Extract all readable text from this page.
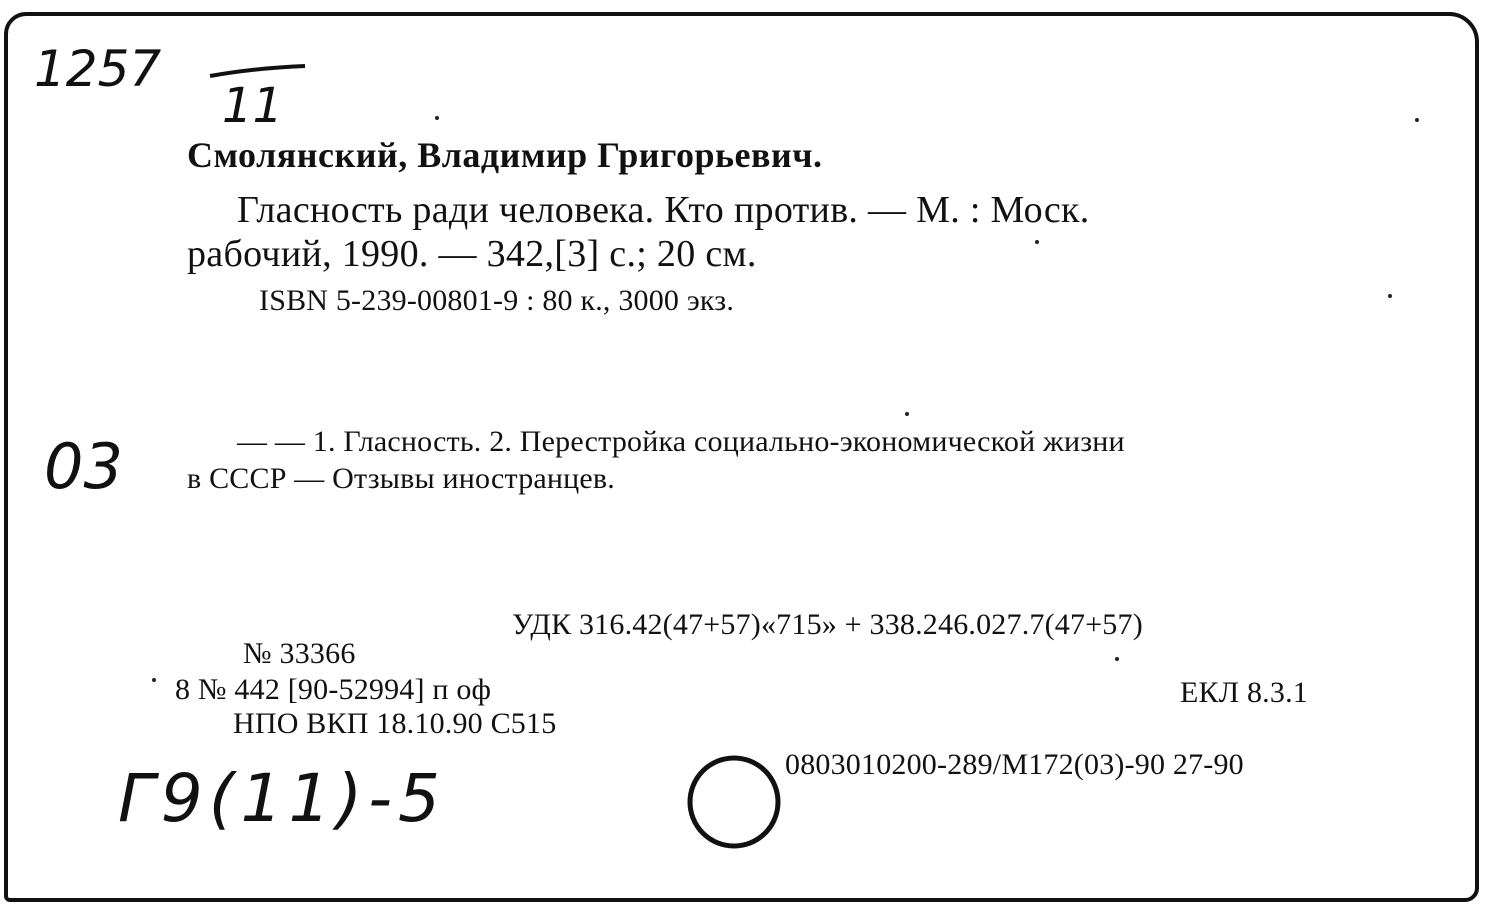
1257
11
Смолянский, Владимир Григорьевич.
Гласность ради человека. Кто против. — М. : Моск.
рабочий, 1990. — 342,[3] с.; 20 см.
ISBN 5-239-00801-9 : 80 к., 3000 экз.
03	— — 1. Гласность. 2. Перестройка социально-экономической жизни
в СССР — Отзывы иностранцев.
УДК 316.42(47+57)«715» + 338.246.027.7(47+57)
№ 33366
8 № 442 [90-52994] п оф	ЕКЛ 8.3.1
НПО ВКП 18.10.90 С515
0803010200-289/М172(03)-90 27-90
Г9(11)-5
